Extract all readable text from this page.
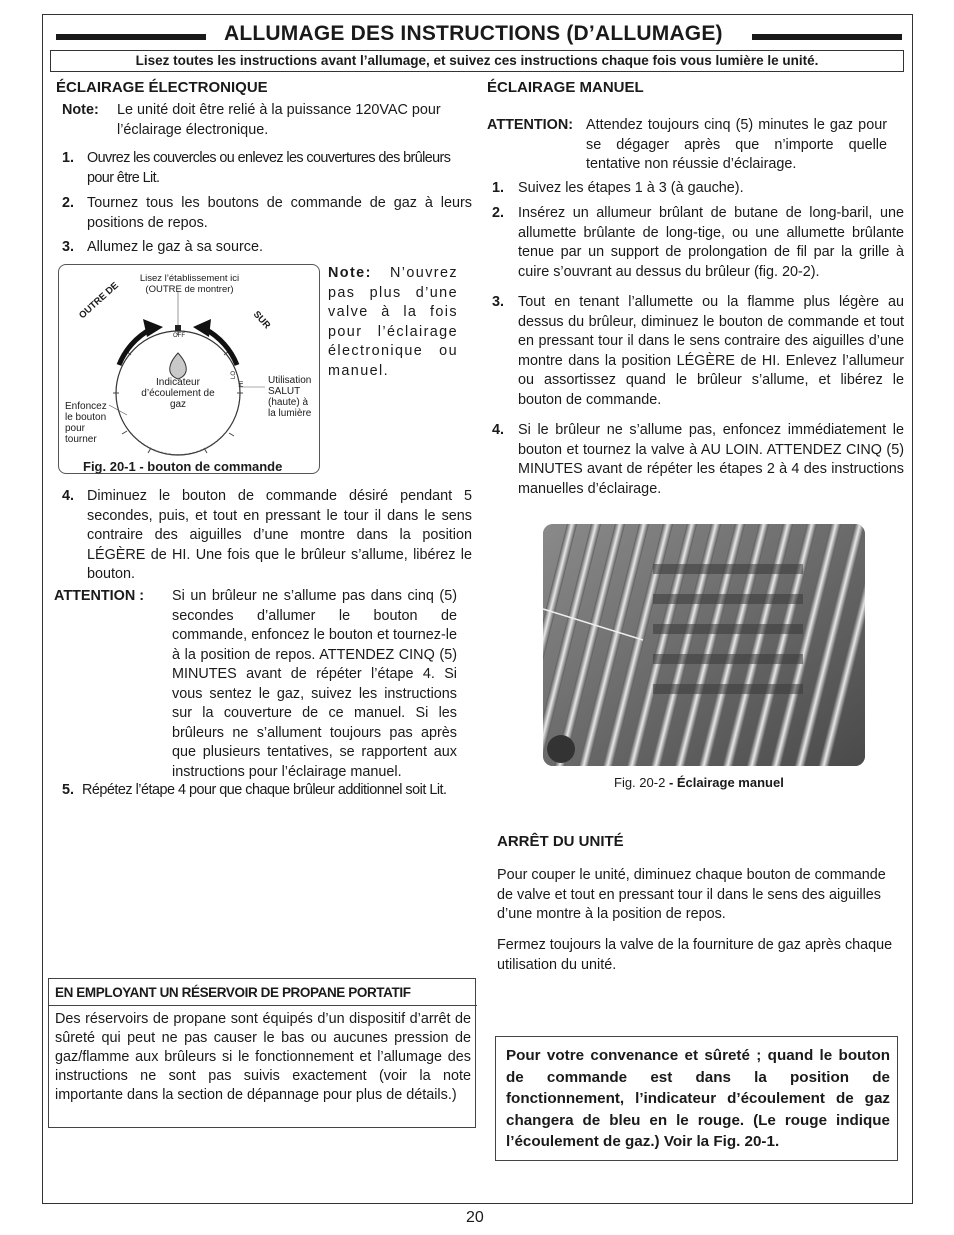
ALLUMAGE DES INSTRUCTIONS (D’ALLUMAGE)
Lisez toutes les instructions avant l’allumage, et suivez ces instructions chaque fois vous lumière le unité.
ÉCLAIRAGE ÉLECTRONIQUE
Note: Le unité doit être relié à la puissance 120VAC pour l’éclairage électronique.
1. Ouvrez les couvercles ou enlevez les couvertures des brûleurs pour être Lit.
2. Tournez tous les boutons de commande de gaz à leurs positions de repos.
3. Allumez le gaz à sa source.
Lisez l’établissement ici (OUTRE de montrer)
OUTRE DE	SUR
OFF
LO
HI
Indicateur d’écoulement de gaz
Enfoncez le bouton pour tourner
Utilisation SALUT (haute) à la lumière
Fig. 20-1 - bouton de commande
Note: N’ouvrez pas plus d’une valve à la fois pour l’éclairage électronique ou manuel.
4. Diminuez le bouton de commande désiré pendant 5 secondes, puis, et tout en pressant le tour il dans le sens contraire des aiguilles d’une montre dans la position LÉGÈRE de HI. Une fois que le brûleur s’allume, libérez le bouton.
ATTENTION : Si un brûleur ne s’allume pas dans cinq (5) secondes d’allumer le bouton de commande, enfoncez le bouton et tournez-le à la position de repos. ATTENDEZ CINQ (5) MINUTES avant de répéter l’étape 4. Si vous sentez le gaz, suivez les instructions sur la couverture de ce manuel. Si les brûleurs ne s’allument toujours pas après que plusieurs tentatives, se rapportent aux instructions pour l’éclairage manuel.
5. Répétez l’étape 4 pour que chaque brûleur additionnel soit Lit.
EN EMPLOYANT UN RÉSERVOIR DE PROPANE PORTATIF
Des réservoirs de propane sont équipés d’un dispositif d’arrêt de sûreté qui peut ne pas causer le bas ou aucunes pression de gaz/flamme aux brûleurs si le fonctionnement et l’allumage des instructions ne sont pas suivis exactement (voir la note importante dans la section de dépannage pour plus de détails.)
ÉCLAIRAGE MANUEL
ATTENTION: Attendez toujours cinq (5) minutes le gaz pour se dégager après que n’importe quelle tentative non réussie d’éclairage.
1. Suivez les étapes 1 à 3 (à gauche).
2. Insérez un allumeur brûlant de butane de long-baril, une allumette brûlante de long-tige, ou une allumette brûlante tenue par un support de prolongation de fil par la grille à cuire s’ouvrant au dessus du brûleur (fig. 20-2).
3. Tout en tenant l’allumette ou la flamme plus légère au dessus du brûleur, diminuez le bouton de commande et tout en pressant tour il dans le sens contraire des aiguilles d’une montre dans la position LÉGÈRE de HI. Enlevez l’allumeur ou assortissez quand le brûleur s’allume, et libérez le bouton de commande.
4. Si le brûleur ne s’allume pas, enfoncez immédiatement le bouton et tournez la valve à AU LOIN. ATTENDEZ CINQ (5) MINUTES avant de répéter les étapes 2 à 4 des instructions manuelles d’éclairage.
Fig. 20-2 - Éclairage manuel
ARRÊT DU UNITÉ
Pour couper le unité, diminuez chaque bouton de commande de valve et tout en pressant tour il dans le sens des aiguilles d’une montre à la position de repos.
Fermez toujours la valve de la fourniture de gaz après chaque utilisation du unité.
Pour votre convenance et sûreté ; quand le bouton de commande est dans la position de fonctionnement, l’indicateur d’écoulement de gaz changera de bleu en le rouge. (Le rouge indique l’écoulement de gaz.) Voir la Fig. 20-1.
20
